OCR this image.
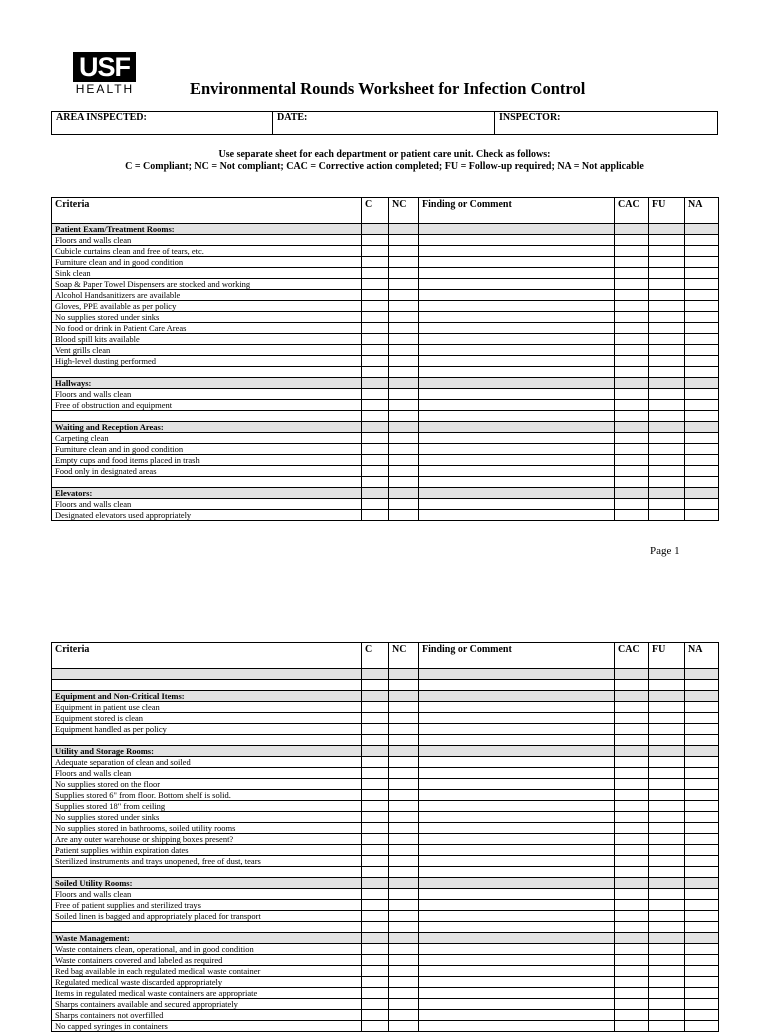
USF
HEALTH	Environmental Rounds Worksheet for Infection Control
AREA INSPECTED:	DATE:	INSPECTOR:
Use separate sheet for each department or patient care unit. Check as follows:
C = Compliant; NC = Not compliant; CAC = Corrective action completed; FU = Follow-up required; NA = Not applicable
Criteria	C	NC	Finding or Comment	CAC	FU	NA
Patient Exam/Treatment Rooms:						
Floors and walls clean						
Cubicle curtains clean and free of tears, etc.						
Furniture clean and in good condition						
Sink clean						
Soap & Paper Towel Dispensers are stocked and working						
Alcohol Handsanitizers are available						
Gloves, PPE available as per policy						
No supplies stored under sinks						
No food or drink in Patient Care Areas						
Blood spill kits available						
Vent grills clean						
High-level dusting performed						

Hallways:						
Floors and walls clean						
Free of obstruction and equipment						

Waiting and Reception Areas:						
Carpeting clean						
Furniture clean and in good condition						
Empty cups and food items placed in trash						
Food only in designated areas						

Elevators:						
Floors and walls clean						
Designated elevators used appropriately						
Page 1
Criteria	C	NC	Finding or Comment	CAC	FU	NA

Equipment and Non-Critical Items:						
Equipment in patient use clean						
Equipment stored is clean						
Equipment handled as per policy						

Utility and Storage Rooms:						
Adequate separation of clean and soiled						
Floors and walls clean						
No supplies stored on the floor						
Supplies stored 6" from floor. Bottom shelf is solid.						
Supplies stored 18" from ceiling						
No supplies stored under sinks						
No supplies stored in bathrooms, soiled utility rooms						
Are any outer warehouse or shipping boxes present?						
Patient supplies within expiration dates						
Sterilized instruments and trays unopened, free of dust, tears						

Soiled Utility Rooms:						
Floors and walls clean						
Free of patient supplies and sterilized trays						
Soiled linen is bagged and appropriately placed for transport						

Waste Management:						
Waste containers clean, operational, and in good condition						
Waste containers covered and labeled as required						
Red bag available in each regulated medical waste container						
Regulated medical waste discarded appropriately						
Items in regulated medical waste containers are appropriate						
Sharps containers available and secured appropriately						
Sharps containers not overfilled						
No capped syringes in containers						
